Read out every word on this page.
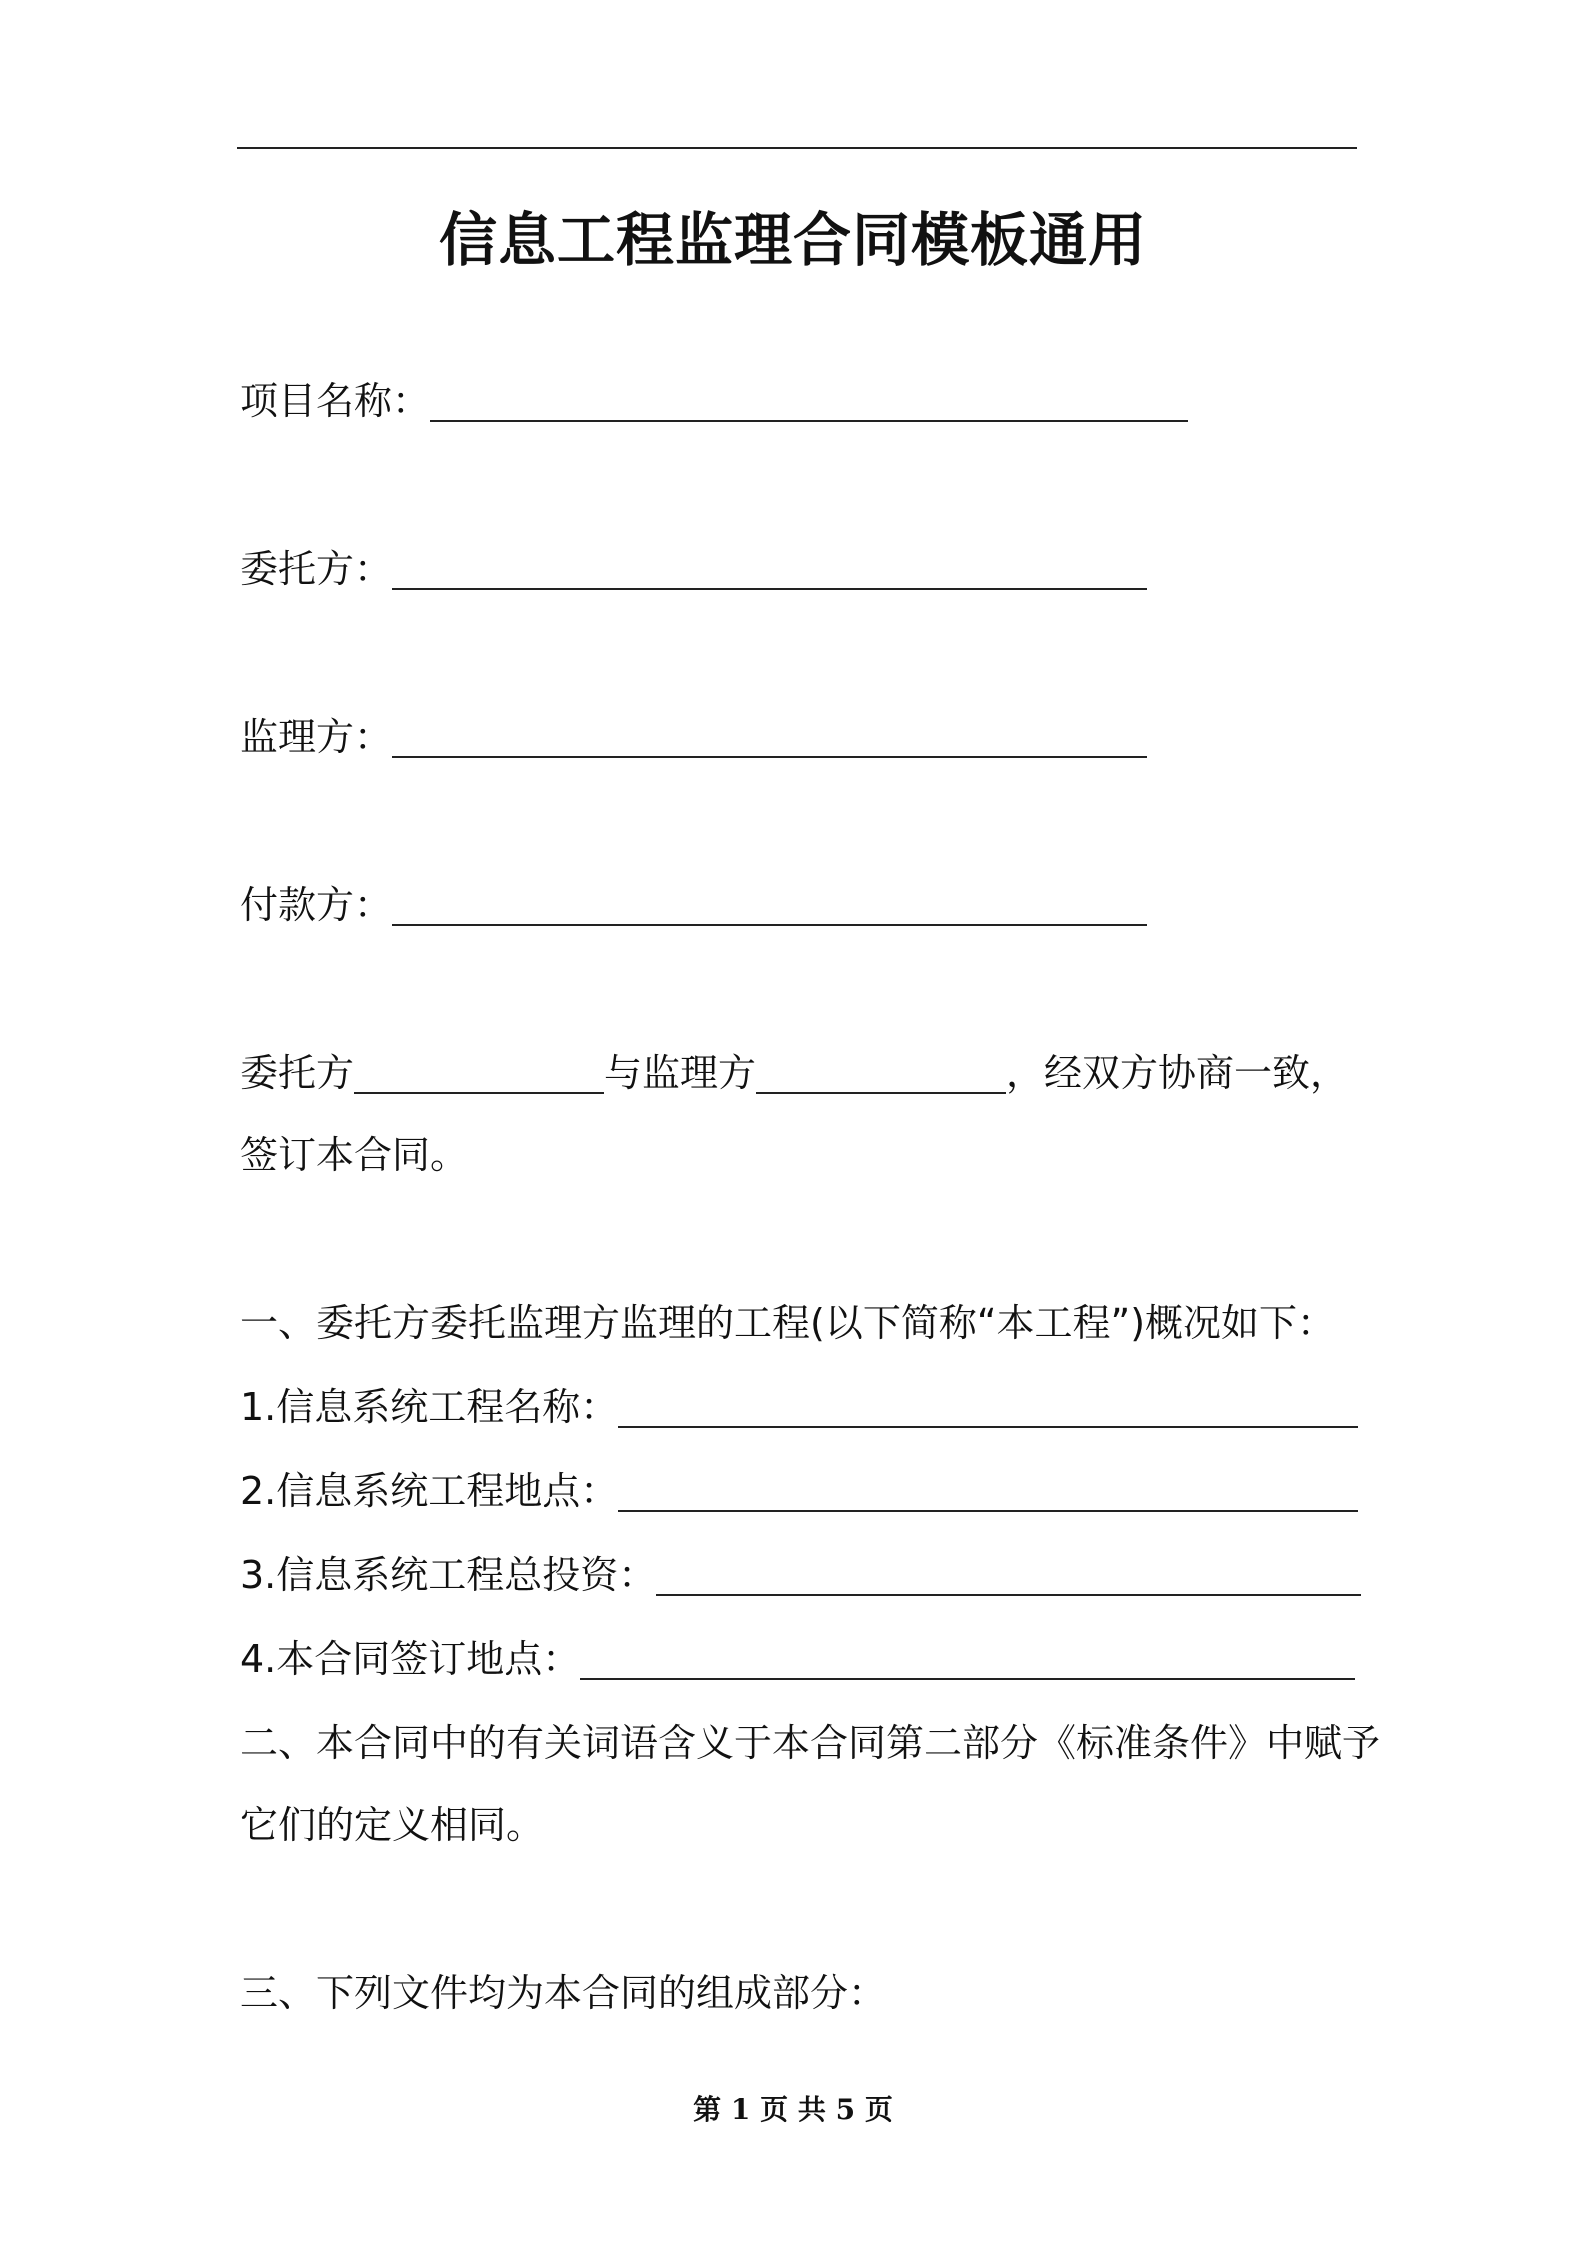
信息工程监理合同模板通用
项目名称：
委托方：
监理方：
付款方：
委托方	与监理方	，经双方协商一致，
签订本合同。
一、委托方委托监理方监理的工程(以下简称“本工程”)概况如下：
1.信息系统工程名称：
2.信息系统工程地点：
3.信息系统工程总投资：
4.本合同签订地点：
二、本合同中的有关词语含义于本合同第二部分《标准条件》中赋予
它们的定义相同。
三、下列文件均为本合同的组成部分：
第 1 页 共 5 页
